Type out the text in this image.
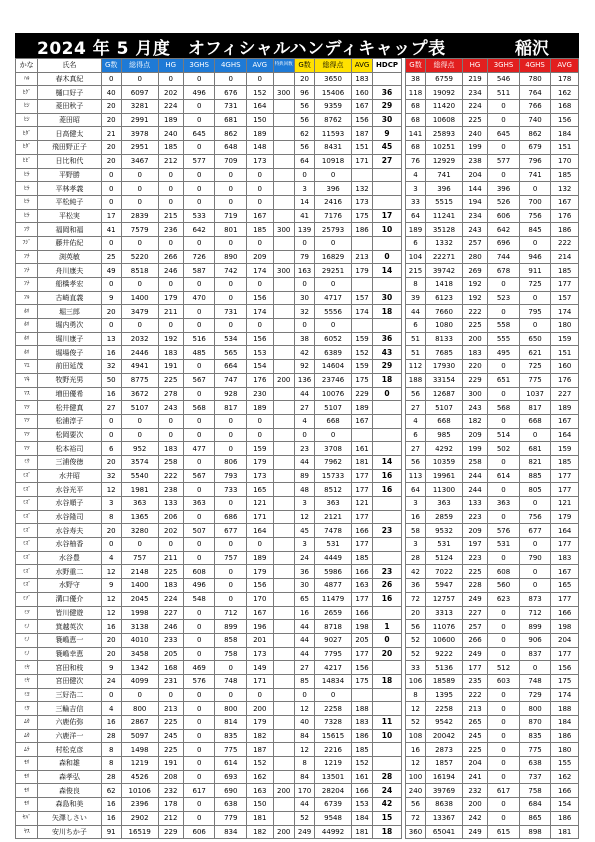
2024 年 5 月度　オフィシャルハンディキャップ表	稲沢
かな	氏名	G数	総得点	HG	3GHS	4GHS	AVG	特典回数	G数	総得点	AVG	HDCP		G数	総得点	HG	3GHS	4GHS	AVG
ﾊﾙ	春木真紀	0	0	0	0	0	0		20	3650	183			38	6759	219	546	780	178
ﾋｸﾞ	樋口好子	40	6097	202	496	676	152	300	96	15406	160	36		118	19092	234	511	764	162
ﾋｼ	菱田秋子	20	3281	224	0	731	164		56	9359	167	29		68	11420	224	0	766	168
ﾋｼ	菱田昭	20	2991	189	0	681	150		56	8762	156	30		68	10608	225	0	740	156
ﾋﾀﾞ	日高健太	21	3978	240	645	862	189		62	11593	187	9		141	25893	240	645	862	184
ﾋﾀﾞ	飛田野正子	20	2951	185	0	648	148		56	8431	151	45		68	10251	199	0	679	151
ﾋﾋﾞ	日比和代	20	3467	212	577	709	173		64	10918	171	27		76	12929	238	577	796	170
ﾋﾗ	平野勝	0	0	0	0	0	0		0	0				4	741	204	0	741	185
ﾋﾗ	平林孝義	0	0	0	0	0	0		3	396	132			3	396	144	396	0	132
ﾋﾗ	平松純子	0	0	0	0	0	0		14	2416	173			33	5515	194	526	700	167
ﾋﾗ	平松実	17	2839	215	533	719	167		41	7176	175	17		64	11241	234	606	756	176
ﾌｸ	福岡和福	41	7579	236	642	801	185	300	139	25793	186	10		189	35128	243	642	845	186
ﾌｼﾞ	藤井佑紀	0	0	0	0	0	0		0	0				6	1332	257	696	0	222
ﾌﾁ	渕英敏	25	5220	266	726	890	209		79	16829	213	0		104	22271	280	744	946	214
ﾌﾅ	舟川康夫	49	8518	246	587	742	174	300	163	29251	179	14		215	39742	269	678	911	185
ﾌﾅ	船橋孝宏	0	0	0	0	0	0		0	0				8	1418	192	0	725	177
ﾌﾙ	古崎直義	9	1400	179	470	0	156		30	4717	157	30		39	6123	192	523	0	157
ﾎﾘ	堀三郎	20	3479	211	0	731	174		32	5556	174	18		44	7660	222	0	795	174
ﾎﾘ	堀内勇次	0	0	0	0	0	0		0	0				6	1080	225	558	0	180
ﾎﾘ	堀川康子	13	2032	192	516	534	156		38	6052	159	36		51	8133	200	555	650	159
ﾎﾘ	堀場俊子	16	2446	183	485	565	153		42	6389	152	43		51	7685	183	495	621	151
ﾏｴ	前田延茂	32	4941	191	0	664	154		92	14604	159	29		112	17930	220	0	725	160
ﾏｷ	牧野光男	50	8775	225	567	747	176	200	136	23746	175	18		188	33154	229	651	775	176
ﾏｽ	増田優希	16	3672	278	0	928	230		44	10076	229	0		56	12687	300	0	1037	227
ﾏﾂ	松井健真	27	5107	243	568	817	189		27	5107	189			27	5107	243	568	817	189
ﾏﾂ	松浦淳子	0	0	0	0	0	0		4	668	167			4	668	182	0	668	167
ﾏﾂ	松岡要次	0	0	0	0	0	0		0	0				6	985	209	514	0	164
ﾏﾂ	松本裕司	6	952	183	477	0	159		23	3708	161			27	4292	199	502	681	159
ﾐｳ	三浦俊徳	20	3574	258	0	806	179		44	7962	181	14		56	10359	258	0	821	185
ﾐｽﾞ	水井昭	32	5540	222	567	793	173		89	15733	177	16		113	19961	244	614	885	177
ﾐｽﾞ	水谷光平	12	1981	238	0	733	165		48	8512	177	16		64	11300	244	0	805	177
ﾐｽﾞ	水谷順子	3	363	133	363	0	121		3	363	121			3	363	133	363	0	121
ﾐｽﾞ	水谷隆司	8	1365	206	0	686	171		12	2121	177			16	2859	223	0	756	179
ﾐｽﾞ	水谷寿夫	20	3280	202	507	677	164		45	7478	166	23		58	9532	209	576	677	164
ﾐｽﾞ	水谷柚香	0	0	0	0	0	0		3	531	177			3	531	197	531	0	177
ﾐｽﾞ	水谷豊	4	757	211	0	757	189		24	4449	185			28	5124	223	0	790	183
ﾐｽﾞ	水野重二	12	2148	225	608	0	179		36	5986	166	23		42	7022	225	608	0	167
ﾐｽﾞ	水野守	9	1400	183	496	0	156		30	4877	163	26		36	5947	228	560	0	165
ﾐｿﾞ	溝口優介	12	2045	224	548	0	170		65	11479	177	16		72	12757	249	623	873	177
ﾐﾂ	皆川健遊	12	1998	227	0	712	167		16	2659	166			20	3313	227	0	712	166
ﾐﾉ	箕越英次	16	3138	246	0	899	196		44	8718	198	1		56	11076	257	0	899	198
ﾐﾉ	簑嶋恵一	20	4010	233	0	858	201		44	9027	205	0		52	10600	266	0	906	204
ﾐﾉ	簑嶋幸恵	20	3458	205	0	758	173		44	7795	177	20		52	9222	249	0	837	177
ﾐﾔ	宮田和枝	9	1342	168	469	0	149		27	4217	156			33	5136	177	512	0	156
ﾐﾔ	宮田健次	24	4099	231	576	748	171		85	14834	175	18		106	18589	235	603	748	175
ﾐﾖ	三好浩二	0	0	0	0	0	0		0	0				8	1395	222	0	729	174
ﾐﾜ	三輪吉信	4	800	213	0	800	200		12	2258	188			12	2258	213	0	800	188
ﾑｶ	六鹿佑弥	16	2867	225	0	814	179		40	7328	183	11		52	9542	265	0	870	184
ﾑｶ	六鹿洋一	28	5097	245	0	835	182		84	15615	186	10		108	20042	245	0	835	186
ﾑﾗ	村松克彦	8	1498	225	0	775	187		12	2216	185			16	2873	225	0	775	180
ﾓﾘ	森和雄	8	1219	191	0	614	152		8	1219	152			12	1857	204	0	638	155
ﾓﾘ	森孝弘	28	4526	208	0	693	162		84	13501	161	28		100	16194	241	0	737	162
ﾓﾘ	森俊良	62	10106	232	617	690	163	200	170	28204	166	24		240	39769	232	617	758	166
ﾓﾘ	森島和美	16	2396	178	0	638	150		44	6739	153	42		56	8638	200	0	684	154
ﾔﾊﾞ	矢澤しさい	16	2902	212	0	779	181		52	9548	184	15		72	13367	242	0	865	186
ﾔｽ	安川ちか子	91	16519	229	606	834	182	200	249	44992	181	18		360	65041	249	615	898	181
